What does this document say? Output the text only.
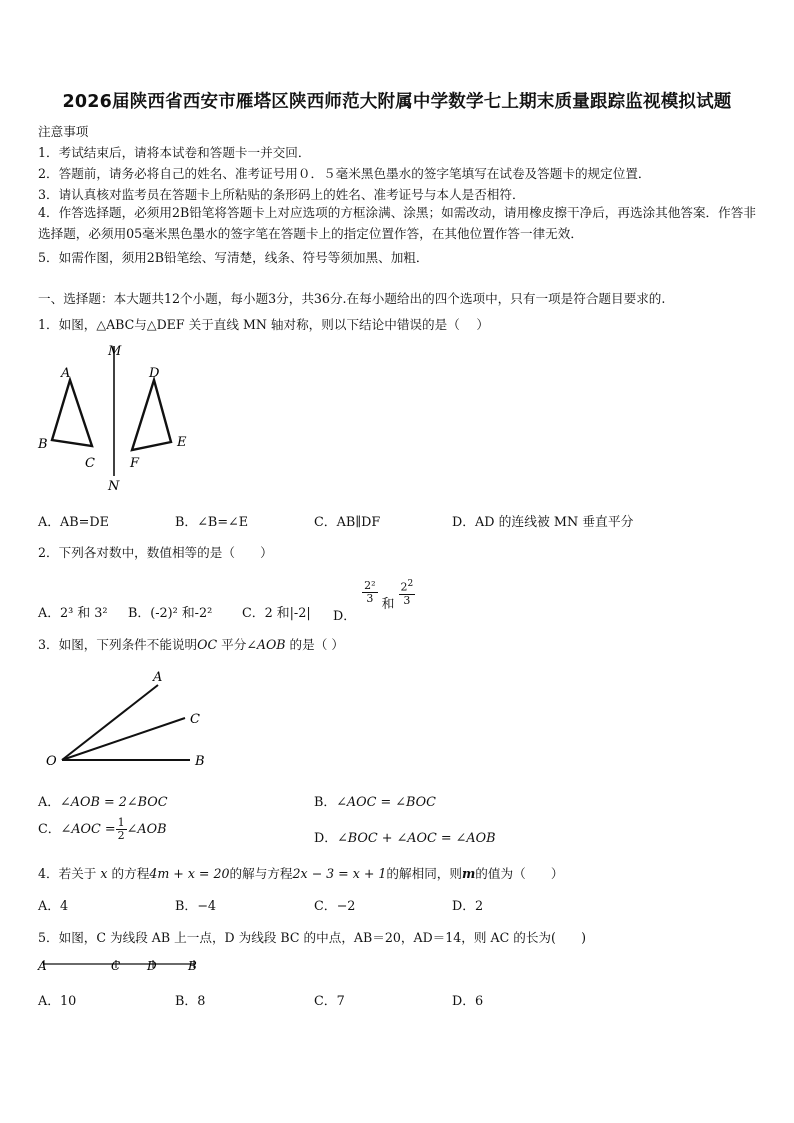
2026届陕西省西安市雁塔区陕西师范大附属中学数学七上期末质量跟踪监视模拟试题
注意事项
1．考试结束后，请将本试卷和答题卡一并交回．
2．答题前，请务必将自己的姓名、准考证号用０．５毫米黑色墨水的签字笔填写在试卷及答题卡的规定位置．
3．请认真核对监考员在答题卡上所粘贴的条形码上的姓名、准考证号与本人是否相符．
4．作答选择题，必须用2B铅笔将答题卡上对应选项的方框涂满、涂黑；如需改动，请用橡皮擦干净后，再选涂其他答案．作答非选择题，必须用05毫米黑色墨水的签字笔在答题卡上的指定位置作答，在其他位置作答一律无效．
5．如需作图，须用2B铅笔绘、写清楚，线条、符号等须加黑、加粗．
一、选择题：本大题共12个小题，每小题3分，共36分.在每小题给出的四个选项中，只有一项是符合题目要求的.
1．如图，△ABC与△DEF 关于直线 MN 轴对称，则以下结论中错误的是（　 ）
M
N
A
B
C
D
E
F
A．AB=DE	B．∠B=∠E	C．AB∥DF	D．AD 的连线被 MN 垂直平分
2．下列各对数中，数值相等的是（　　）
A．2³ 和 3² B．(-2)² 和-2² C．2 和|-2| D．
$\frac{\text{2²}}{3}$ 和 $\frac{2^2}{3}$
3．如图，下列条件不能说明OC 平分∠AOB 的是（ ）
O
A
C
B
A．∠AOB = 2∠BOC	B．∠AOC = ∠BOC
C．∠AOC = $\frac{1}{2}$ ∠AOB
D．∠BOC + ∠AOC = ∠AOB
4．若关于 x 的方程4m + x = 20的解与方程2x − 3 = x + 1的解相同，则m的值为（　　）
A．4	B．−4	C．−2	D．2
5．如图，C 为线段 AB 上一点，D 为线段 BC 的中点，AB＝20，AD＝14，则 AC 的长为(　　)
A	C D	B
A．10	B．8	C．7	D．6
